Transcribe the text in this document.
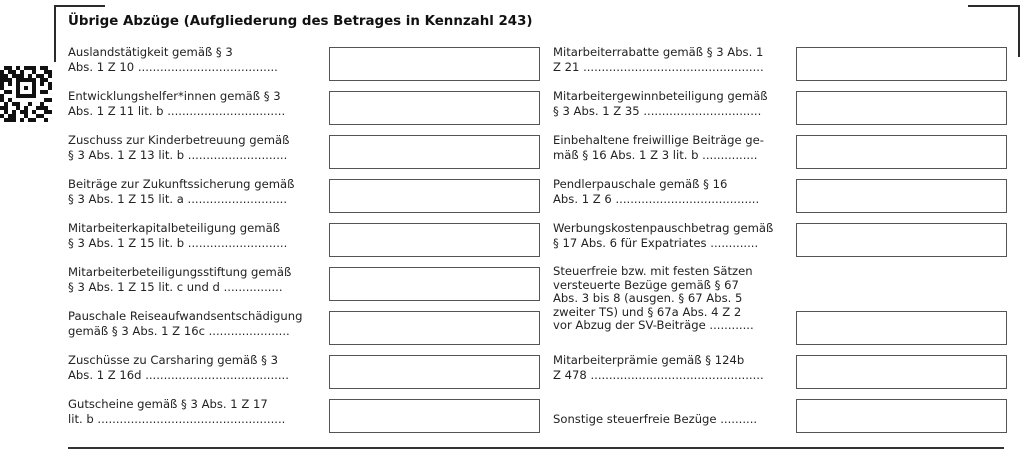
Übrige Abzüge (Aufgliederung des Betrages in Kennzahl 243)
Auslandstätigkeit gemäß § 3
Abs. 1 Z 10 ......................................
Entwicklungshelfer*innen gemäß § 3
Abs. 1 Z 11 lit. b ................................
Zuschuss zur Kinderbetreuung gemäß
§ 3 Abs. 1 Z 13 lit. b ...........................
Beiträge zur Zukunftssicherung gemäß
§ 3 Abs. 1 Z 15 lit. a ...........................
Mitarbeiterkapitalbeteiligung gemäß
§ 3 Abs. 1 Z 15 lit. b ...........................
Mitarbeiterbeteiligungsstiftung gemäß
§ 3 Abs. 1 Z 15 lit. c und d ................
Pauschale Reiseaufwandsentschädigung
gemäß § 3 Abs. 1 Z 16c ......................
Zuschüsse zu Carsharing gemäß § 3
Abs. 1 Z 16d .......................................
Gutscheine gemäß § 3 Abs. 1 Z 17
lit. b ...................................................
Mitarbeiterrabatte gemäß § 3 Abs. 1
Z 21 .................................................
Mitarbeitergewinnbeteiligung gemäß
§ 3 Abs. 1 Z 35 ................................
Einbehaltene freiwillige Beiträge ge-
mäß § 16 Abs. 1 Z 3 lit. b ...............
Pendlerpauschale gemäß § 16
Abs. 1 Z 6 .......................................
Werbungskostenpauschbetrag gemäß
§ 17 Abs. 6 für Expatriates .............
Steuerfreie bzw. mit festen Sätzen
versteuerte Bezüge gemäß § 67
Abs. 3 bis 8 (ausgen. § 67 Abs. 5
zweiter TS) und § 67a Abs. 4 Z 2
vor Abzug der SV-Beiträge ............
Mitarbeiterprämie gemäß § 124b
Z 478 ...............................................

Sonstige steuerfreie Bezüge ..........
